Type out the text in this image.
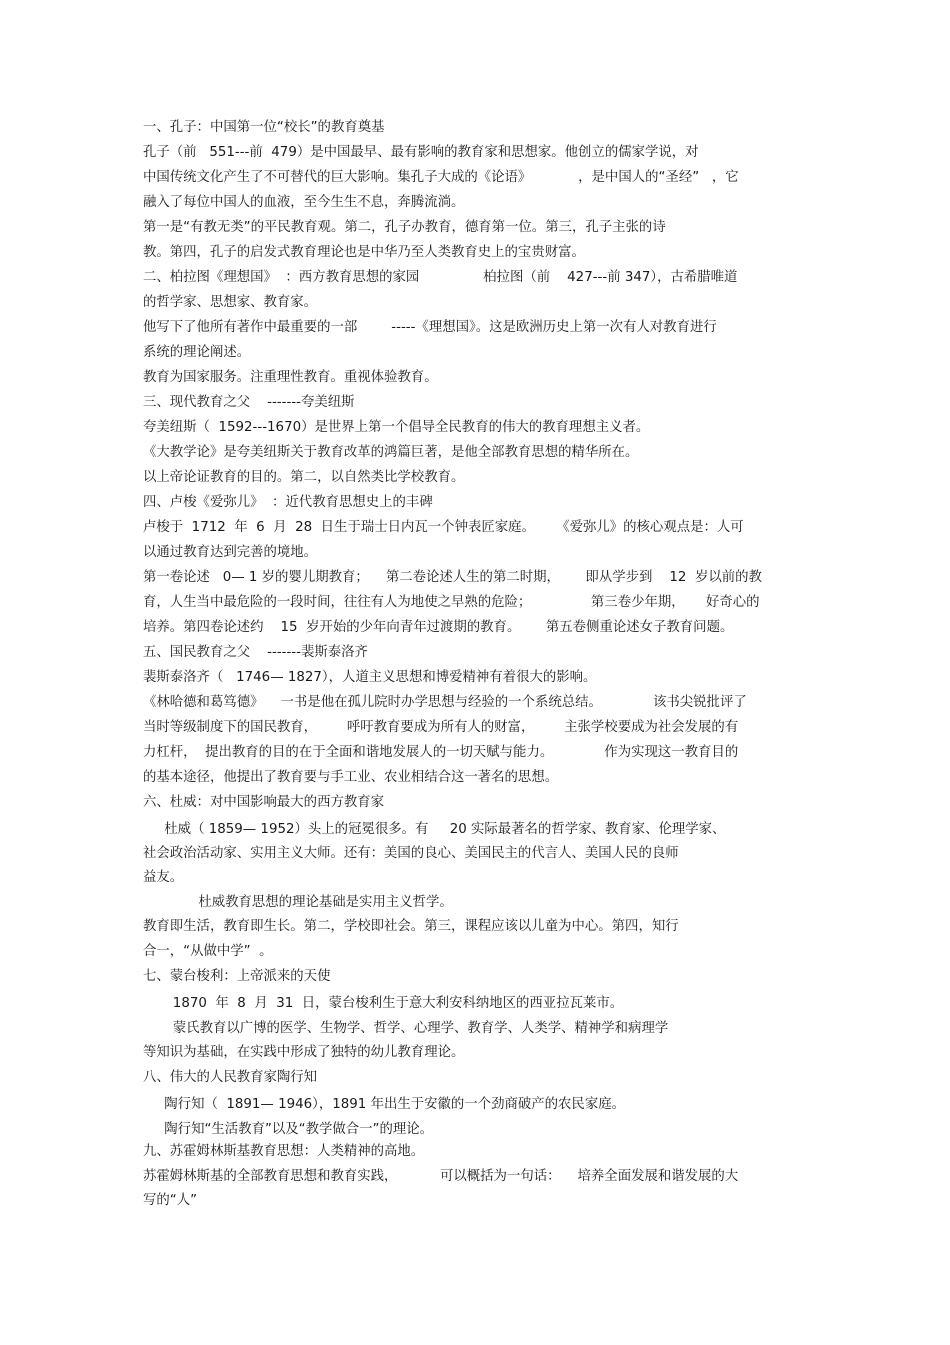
一、孔子：中国第一位“校长”的教育奠基
孔子（前   551---前  479）是中国最早、最有影响的教育家和思想家。他创立的儒家学说，对
中国传统文化产生了不可替代的巨大影响。集孔子大成的《论语》           ，是中国人的“圣经”   ，它
融入了每位中国人的血液，至今生生不息，奔腾流淌。
第一是“有教无类”的平民教育观。第二，孔子办教育，德育第一位。第三，孔子主张的诗
教。第四，孔子的启发式教育理论也是中华乃至人类教育史上的宝贵财富。
二、柏拉图《理想国》  ：西方教育思想的家园               柏拉图（前    427---前 347），古希腊唯道
的哲学家、思想家、教育家。
他写下了他所有著作中最重要的一部        -----《理想国》。这是欧洲历史上第一次有人对教育进行
系统的理论阐述。
教育为国家服务。注重理性教育。重视体验教育。
三、现代教育之父    -------夸美纽斯
夸美纽斯（  1592---1670）是世界上第一个倡导全民教育的伟大的教育理想主义者。
《大教学论》是夸美纽斯关于教育改革的鸿篇巨著，是他全部教育思想的精华所在。
以上帝论证教育的目的。第二，以自然类比学校教育。
四、卢梭《爱弥儿》  ：近代教育思想史上的丰碑
卢梭于  1712  年  6  月  28  日生于瑞士日内瓦一个钟表匠家庭。     《爱弥儿》的核心观点是：人可
以通过教育达到完善的境地。
第一卷论述   0— 1 岁的婴儿期教育；    第二卷论述人生的第二时期，      即从学步到    12  岁以前的教
育，人生当中最危险的一段时间，往往有人为地使之早熟的危险；              第三卷少年期，     好奇心的
培养。第四卷论述约    15  岁开始的少年向青年过渡期的教育。      第五卷侧重论述女子教育问题。
五、国民教育之父    -------裴斯泰洛齐
裴斯泰洛齐（   1746— 1827），人道主义思想和博爱精神有着很大的影响。
《林哈德和葛笃德》    一书是他在孤儿院时办学思想与经验的一个系统总结。            该书尖锐批评了
当时等级制度下的国民教育，       呼吁教育要成为所有人的财富，       主张学校要成为社会发展的有
力杠杆，  提出教育的目的在于全面和谐地发展人的一切天赋与能力。            作为实现这一教育目的
的基本途径，他提出了教育要与手工业、农业相结合这一著名的思想。
六、杜威：对中国影响最大的西方教育家
杜威（ 1859— 1952）头上的冠冕很多。有     20 实际最著名的哲学家、教育家、伦理学家、
社会政治活动家、实用主义大师。还有：美国的良心、美国民主的代言人、美国人民的良师
益友。
杜威教育思想的理论基础是实用主义哲学。
教育即生活，教育即生长。第二，学校即社会。第三，课程应该以儿童为中心。第四，知行
合一，“从做中学”  。
七、蒙台梭利：上帝派来的天使
1870  年  8  月  31  日，蒙台梭利生于意大利安科纳地区的西亚拉瓦莱市。
蒙氏教育以广博的医学、生物学、哲学、心理学、教育学、人类学、精神学和病理学
等知识为基础，在实践中形成了独特的幼儿教育理论。
八、伟大的人民教育家陶行知
陶行知（  1891— 1946），1891 年出生于安徽的一个劲商破产的农民家庭。
陶行知“生活教育”以及“教学做合一”的理论。
九、苏霍姆林斯基教育思想：人类精神的高地。
苏霍姆林斯基的全部教育思想和教育实践，          可以概括为一句话：    培养全面发展和谐发展的大
写的“人”
